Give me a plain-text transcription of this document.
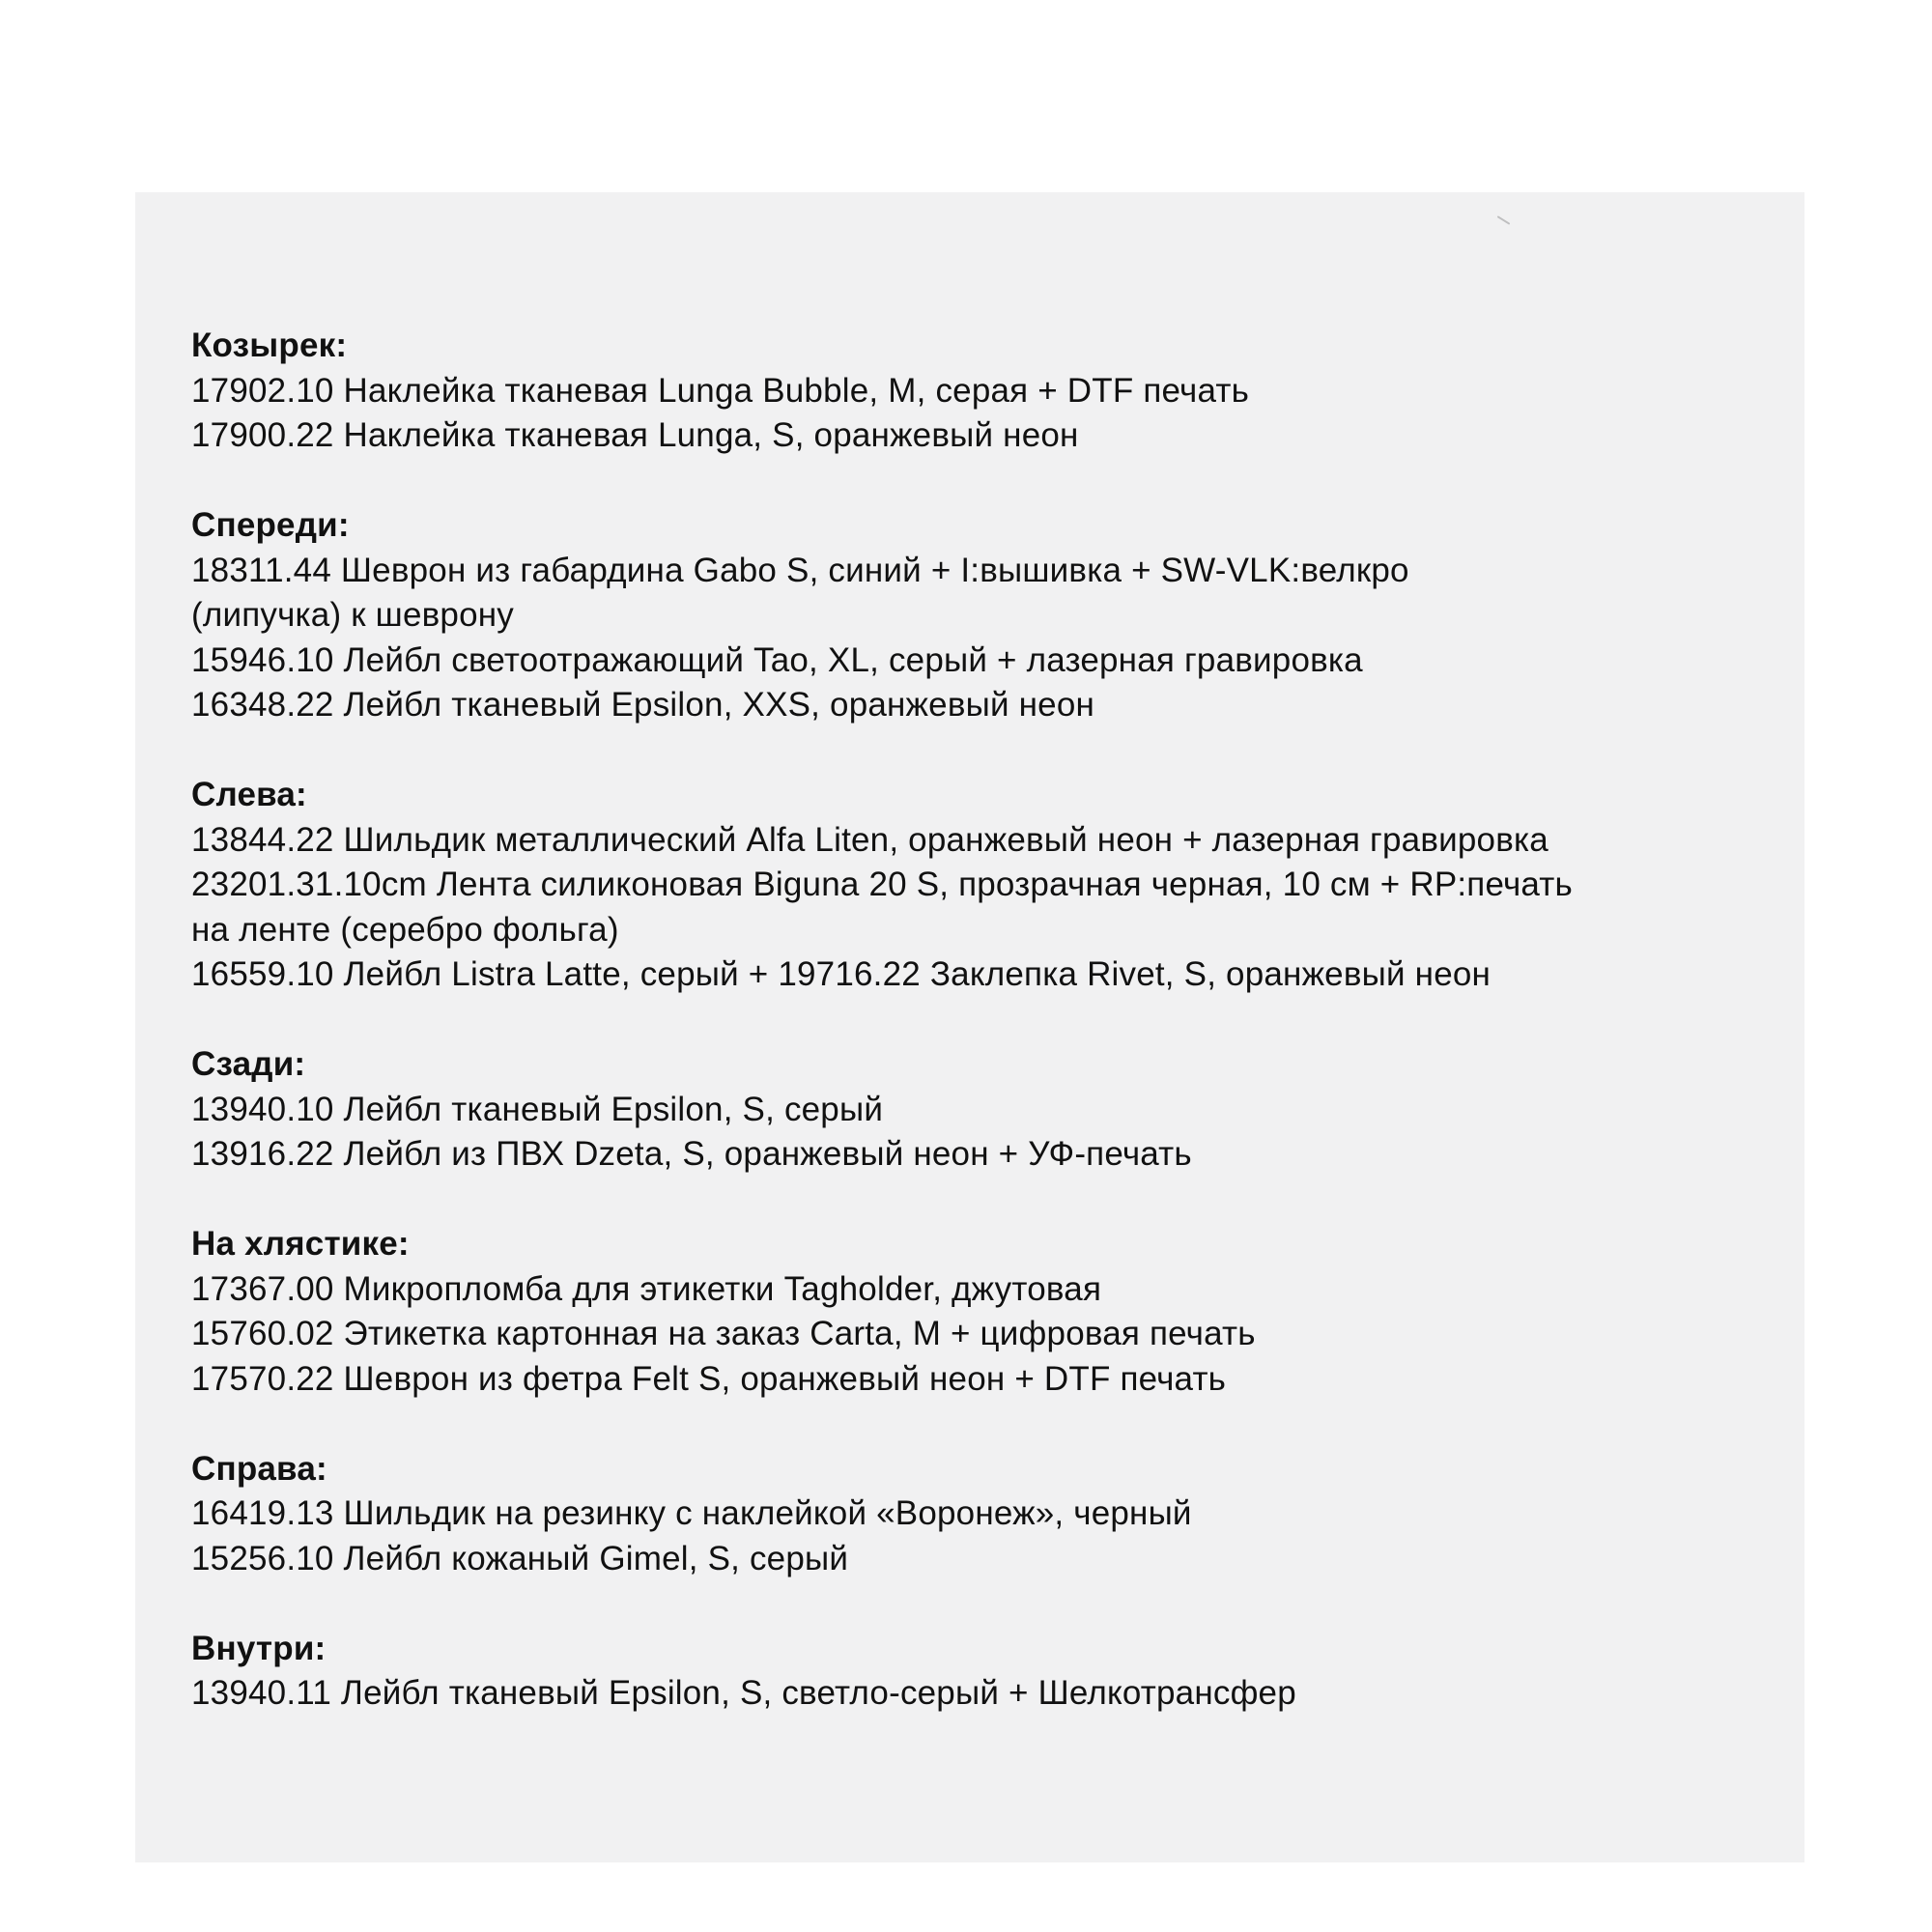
Козырек:
17902.10 Наклейка тканевая Lunga Bubble, M, серая + DTF печать
17900.22 Наклейка тканевая Lunga, S, оранжевый неон
Спереди:
18311.44 Шеврон из габардина Gabo S, синий + I:вышивка + SW-VLK:велкро
(липучка) к шеврону
15946.10 Лейбл светоотражающий Tao, XL, серый + лазерная гравировка
16348.22 Лейбл тканевый Epsilon, XXS, оранжевый неон
Слева:
13844.22 Шильдик металлический Alfa Liten, оранжевый неон + лазерная гравировка
23201.31.10cm Лента силиконовая Biguna 20 S, прозрачная черная, 10 см + RP:печать
на ленте (серебро фольга)
16559.10 Лейбл Listra Latte, серый + 19716.22 Заклепка Rivet, S, оранжевый неон
Сзади:
13940.10 Лейбл тканевый Epsilon, S, серый
13916.22 Лейбл из ПВХ Dzeta, S, оранжевый неон + УФ-печать
На хлястике:
17367.00 Микропломба для этикетки Tagholder, джутовая
15760.02 Этикетка картонная на заказ Carta, M + цифровая печать
17570.22 Шеврон из фетра Felt S, оранжевый неон + DTF печать
Справа:
16419.13 Шильдик на резинку с наклейкой «Воронеж», черный
15256.10 Лейбл кожаный Gimel, S, серый
Внутри:
13940.11 Лейбл тканевый Epsilon, S, светло-серый + Шелкотрансфер
